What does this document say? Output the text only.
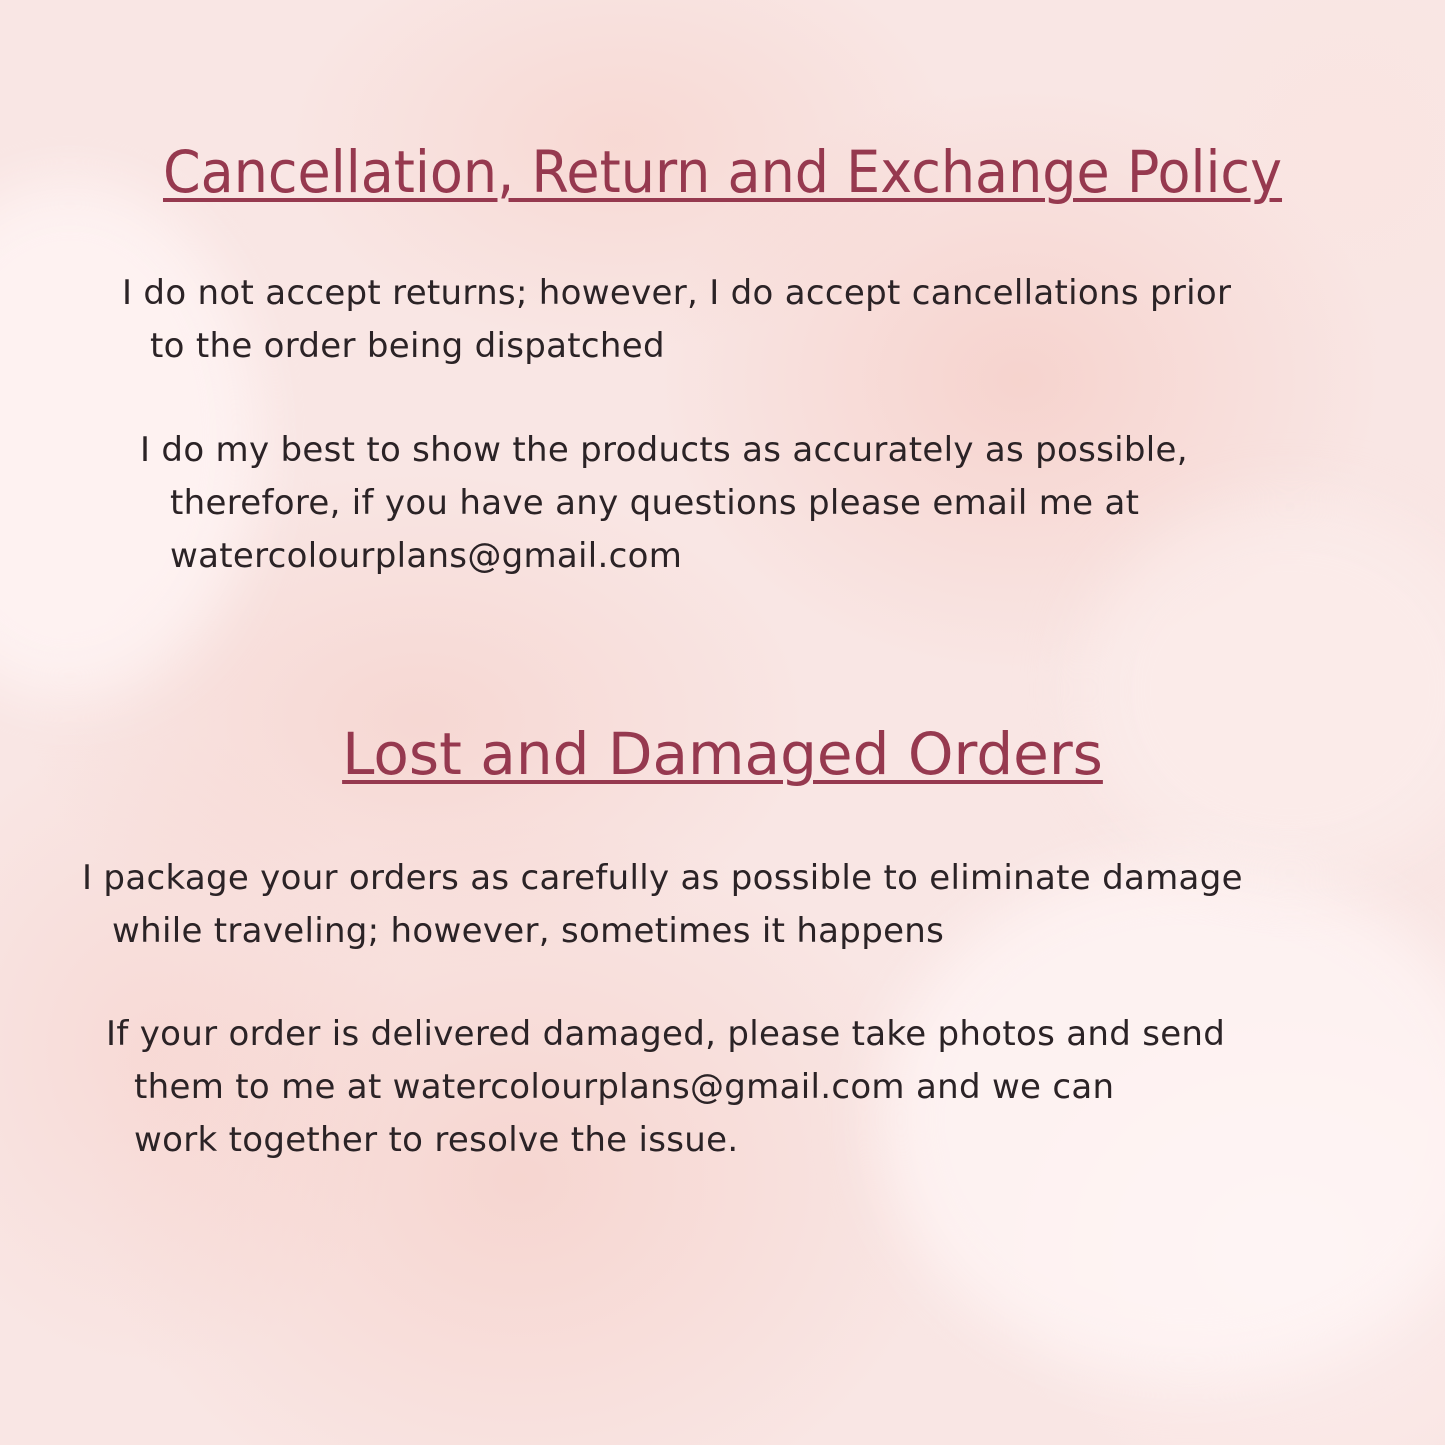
Cancellation, Return and Exchange Policy

I do not accept returns; however, I do accept cancellations prior
to the order being dispatched

I do my best to show the products as accurately as possible,
therefore, if you have any questions please email me at
watercolourplans@gmail.com

Lost and Damaged Orders

I package your orders as carefully as possible to eliminate damage
while traveling; however, sometimes it happens

If your order is delivered damaged, please take photos and send
them to me at watercolourplans@gmail.com and we can
work together to resolve the issue.
